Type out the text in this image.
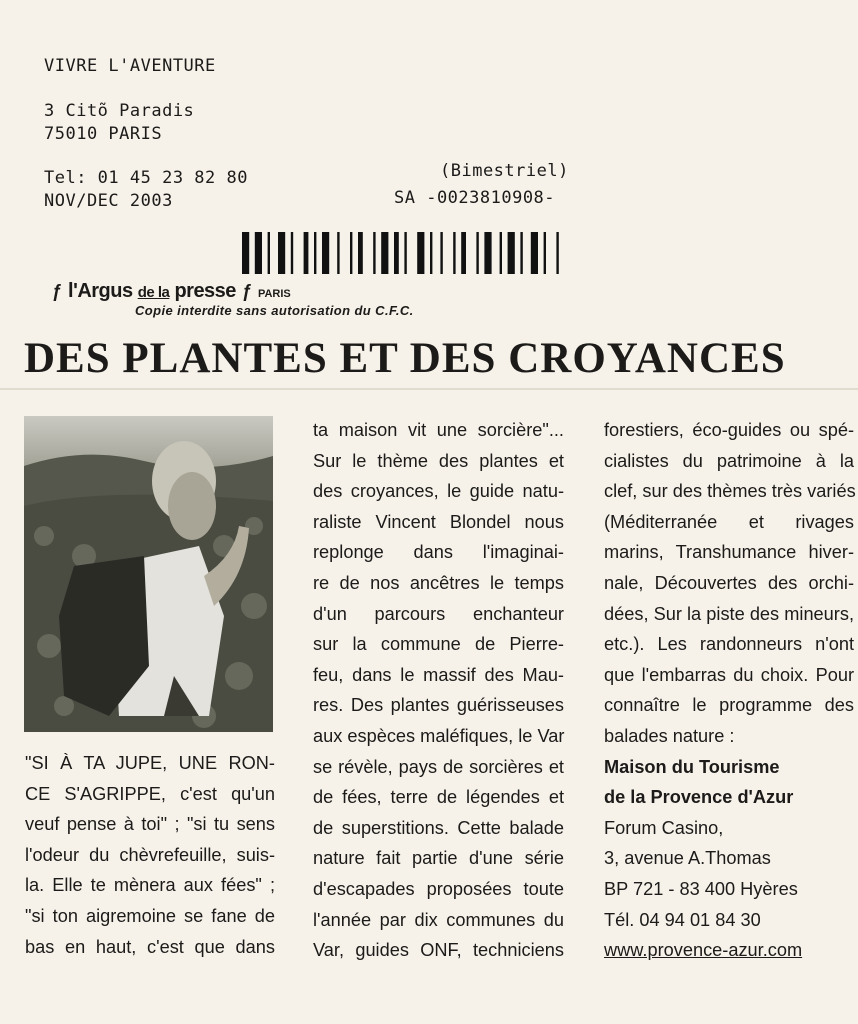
VIVRE L'AVENTURE
3 Citõ Paradis
75010 PARIS
Tel: 01 45 23 82 80
NOV/DEC 2003
(Bimestriel)
SA -0023810908-
ƒ l'Argus de la presse ƒ PARIS
Copie interdite sans autorisation du C.F.C.
DES PLANTES ET DES CROYANCES
"SI À TA JUPE, UNE RON-
CE S'AGRIPPE, c'est qu'un
veuf pense à toi" ; "si tu sens
l'odeur du chèvrefeuille, suis-
la. Elle te mènera aux fées" ;
"si ton aigremoine se fane de
bas en haut, c'est que dans
ta maison vit une sorcière"...
Sur le thème des plantes et
des croyances, le guide natu-
raliste Vincent Blondel nous
replonge dans l'imaginai-
re de nos ancêtres le temps
d'un parcours enchanteur
sur la commune de Pierre-
feu, dans le massif des Mau-
res. Des plantes guérisseuses
aux espèces maléfiques, le Var
se révèle, pays de sorcières et
de fées, terre de légendes et
de superstitions. Cette balade
nature fait partie d'une série
d'escapades proposées toute
l'année par dix communes du
Var, guides ONF, techniciens
forestiers, éco-guides ou spé-
cialistes du patrimoine à la
clef, sur des thèmes très variés
(Méditerranée et rivages
marins, Transhumance hiver-
nale, Découvertes des orchi-
dées, Sur la piste des mineurs,
etc.). Les randonneurs n'ont
que l'embarras du choix. Pour
connaître le programme des
balades nature :
Maison du Tourisme
de la Provence d'Azur
Forum Casino,
3, avenue A.Thomas
BP 721 - 83 400 Hyères
Tél. 04 94 01 84 30
www.provence-azur.com
